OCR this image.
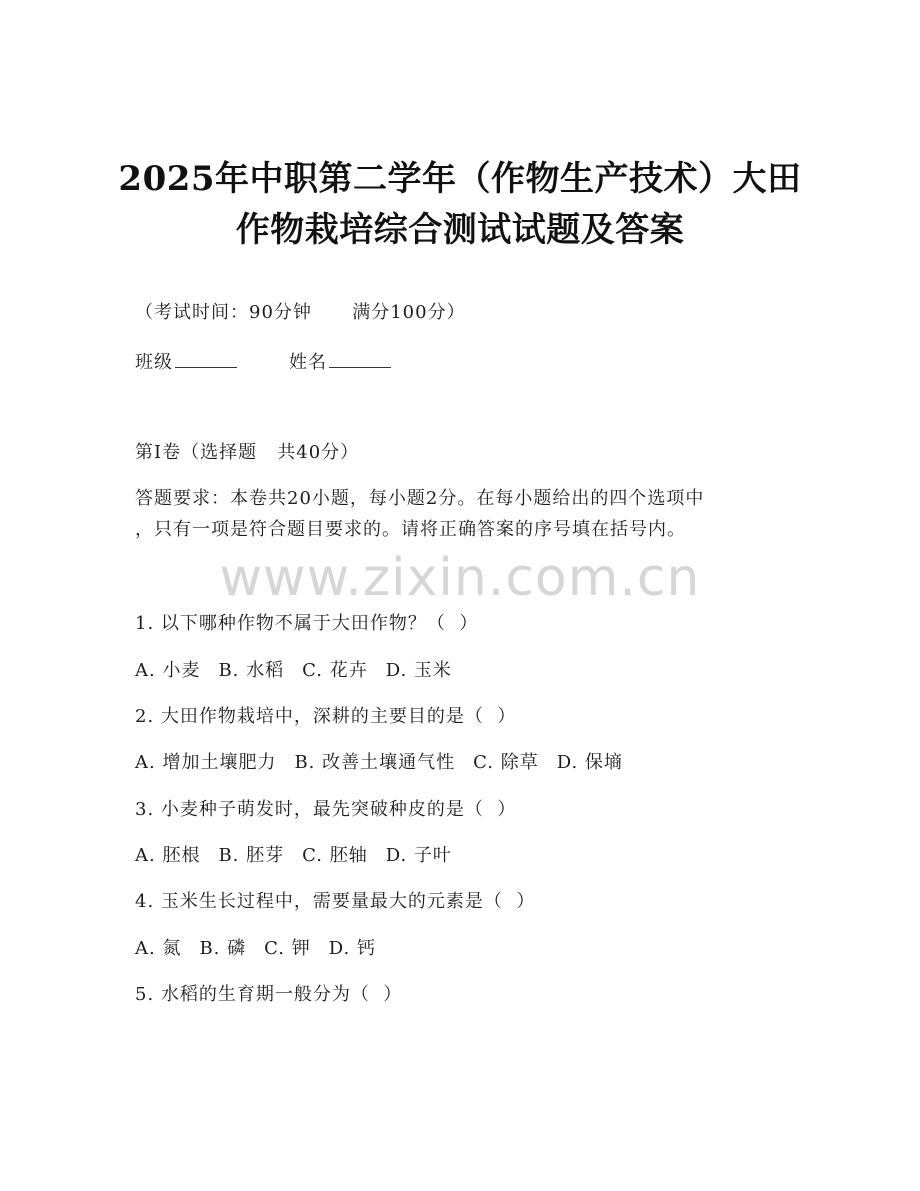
2025年中职第二学年（作物生产技术）大田
作物栽培综合测试试题及答案
（考试时间：90分钟      满分100分）
班级	姓名
第Ⅰ卷（选择题   共40分）
答题要求：本卷共20小题，每小题2分。在每小题给出的四个选项中
，只有一项是符合题目要求的。请将正确答案的序号填在括号内。
www.zixin.com.cn
1. 以下哪种作物不属于大田作物？（  ）
A. 小麦 B. 水稻 C. 花卉 D. 玉米
2. 大田作物栽培中，深耕的主要目的是（  ）
A. 增加土壤肥力 B. 改善土壤通气性 C. 除草 D. 保墒
3. 小麦种子萌发时，最先突破种皮的是（  ）
A. 胚根 B. 胚芽 C. 胚轴 D. 子叶
4. 玉米生长过程中，需要量最大的元素是（  ）
A. 氮 B. 磷 C. 钾 D. 钙
5. 水稻的生育期一般分为（  ）
